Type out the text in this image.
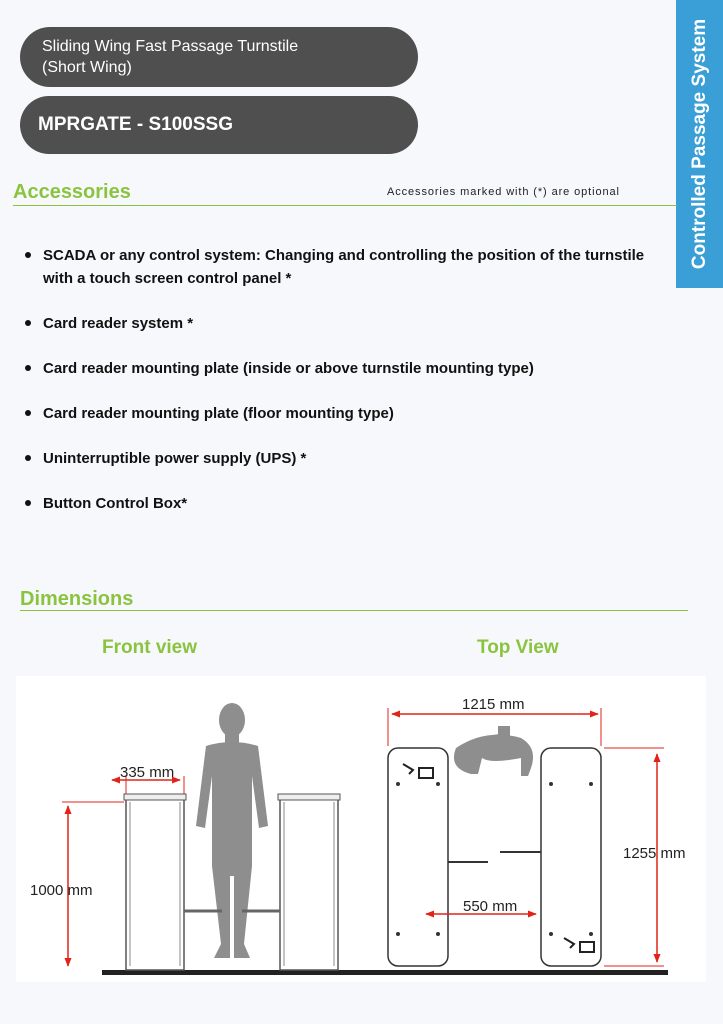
Sliding Wing Fast Passage Turnstile
(Short Wing)
MPRGATE - S100SSG	Controlled Passage System
Accessories	Accessories marked with (*) are optional
SCADA or any control system: Changing and controlling the position of the turnstile with a touch screen control panel *
Card reader system *
Card reader mounting plate (inside or above turnstile mounting type)
Card reader mounting plate (floor mounting type)
Uninterruptible power supply (UPS) *
Button Control Box*
Dimensions
Front view	Top View
335 mm
1000 mm
1215 mm
1255 mm
550 mm
